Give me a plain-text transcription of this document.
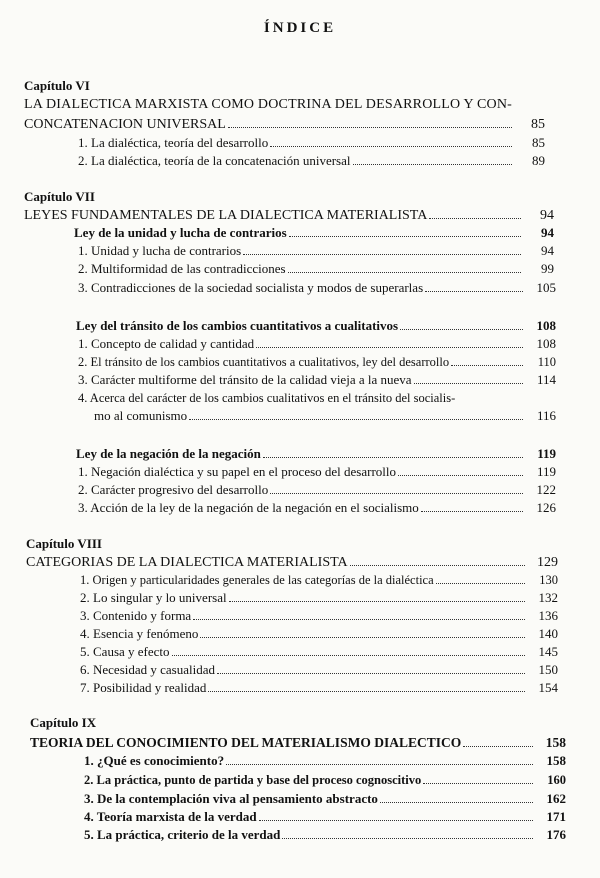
ÍNDICE
Capítulo VI
LA DIALECTICA MARXISTA COMO DOCTRINA DEL DESARROLLO Y CON-
CONCATENACION UNIVERSAL	85
1. La dialéctica, teoría del desarrollo	85
2. La dialéctica, teoría de la concatenación universal	89
Capítulo VII
LEYES FUNDAMENTALES DE LA DIALECTICA MATERIALISTA	94
Ley de la unidad y lucha de contrarios	94
1. Unidad y lucha de contrarios	94
2. Multiformidad de las contradicciones	99
3. Contradicciones de la sociedad socialista y modos de superarlas	105
Ley del tránsito de los cambios cuantitativos a cualitativos	108
1. Concepto de calidad y cantidad	108
2. El tránsito de los cambios cuantitativos a cualitativos, ley del desarrollo	110
3. Carácter multiforme del tránsito de la calidad vieja a la nueva	114
4. Acerca del carácter de los cambios cualitativos en el tránsito del socialis-
mo al comunismo	116
Ley de la negación de la negación	119
1. Negación dialéctica y su papel en el proceso del desarrollo	119
2. Carácter progresivo del desarrollo	122
3. Acción de la ley de la negación de la negación en el socialismo	126
Capítulo VIII
CATEGORIAS DE LA DIALECTICA MATERIALISTA	129
1. Origen y particularidades generales de las categorías de la dialéctica	130
2. Lo singular y lo universal	132
3. Contenido y forma	136
4. Esencia y fenómeno	140
5. Causa y efecto	145
6. Necesidad y casualidad	150
7. Posibilidad y realidad	154
Capítulo IX
TEORIA DEL CONOCIMIENTO DEL MATERIALISMO DIALECTICO	158
1. ¿Qué es conocimiento?	158
2. La práctica, punto de partida y base del proceso cognoscitivo	160
3. De la contemplación viva al pensamiento abstracto	162
4. Teoría marxista de la verdad	171
5. La práctica, criterio de la verdad	176
